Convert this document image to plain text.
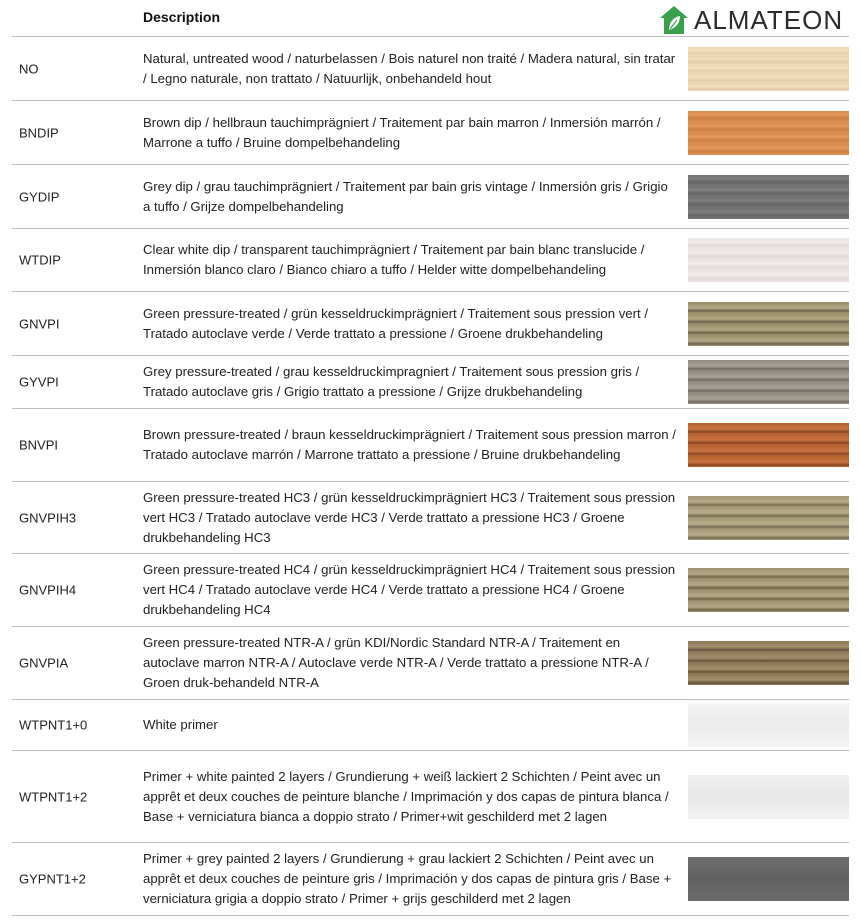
Description	ALMATEON
NO
Natural, untreated wood / naturbelassen / Bois naturel non traité / Madera natural, sin tratar / Legno naturale, non trattato / Natuurlijk, onbehandeld hout
BNDIP
Brown dip / hellbraun tauchimprägniert / Traitement par bain marron / Inmersión marrón / Marrone a tuffo / Bruine dompelbehandeling
GYDIP
Grey dip / grau tauchimprägniert / Traitement par bain gris vintage / Inmersión gris / Grigio a tuffo / Grijze dompelbehandeling
WTDIP
Clear white dip / transparent tauchimprägniert / Traitement par bain blanc translucide / Inmersión blanco claro / Bianco chiaro a tuffo / Helder witte dompelbehandeling
GNVPI
Green pressure-treated / grün kesseldruckimprägniert / Traitement sous pression vert / Tratado autoclave verde / Verde trattato a pressione / Groene drukbehandeling
GYVPI
Grey pressure-treated / grau kesseldruckimpragniert / Traitement sous pression gris / Tratado autoclave gris / Grigio trattato a pressione / Grijze drukbehandeling
BNVPI
Brown pressure-treated / braun kesseldruckimprägniert / Traitement sous pression marron / Tratado autoclave marrón / Marrone trattato a pressione / Bruine drukbehandeling
GNVPIH3
Green pressure-treated HC3 / grün kesseldruckimprägniert HC3 / Traitement sous pression vert HC3 / Tratado autoclave verde HC3 / Verde trattato a pressione HC3 / Groene drukbehandeling HC3
GNVPIH4
Green pressure-treated HC4 / grün kesseldruckimprägniert HC4 / Traitement sous pression vert HC4 / Tratado autoclave verde HC4 / Verde trattato a pressione HC4 / Groene drukbehandeling HC4
GNVPIA
Green pressure-treated NTR-A / grün KDI/Nordic Standard NTR-A / Traitement en autoclave marron NTR-A / Autoclave verde NTR-A / Verde trattato a pressione NTR-A / Groen druk-behandeld NTR-A
WTPNT1+0	White primer
WTPNT1+2
Primer + white painted 2 layers / Grundierung + weiß lackiert 2 Schichten / Peint avec un apprêt et deux couches de peinture blanche / Imprimación y dos capas de pintura blanca / Base + verniciatura bianca a doppio strato / Primer+wit geschilderd met 2 lagen
GYPNT1+2
Primer + grey painted 2 layers / Grundierung + grau lackiert 2 Schichten / Peint avec un apprêt et deux couches de peinture gris / Imprimación y dos capas de pintura gris / Base + verniciatura grigia a doppio strato / Primer + grijs geschilderd met 2 lagen
